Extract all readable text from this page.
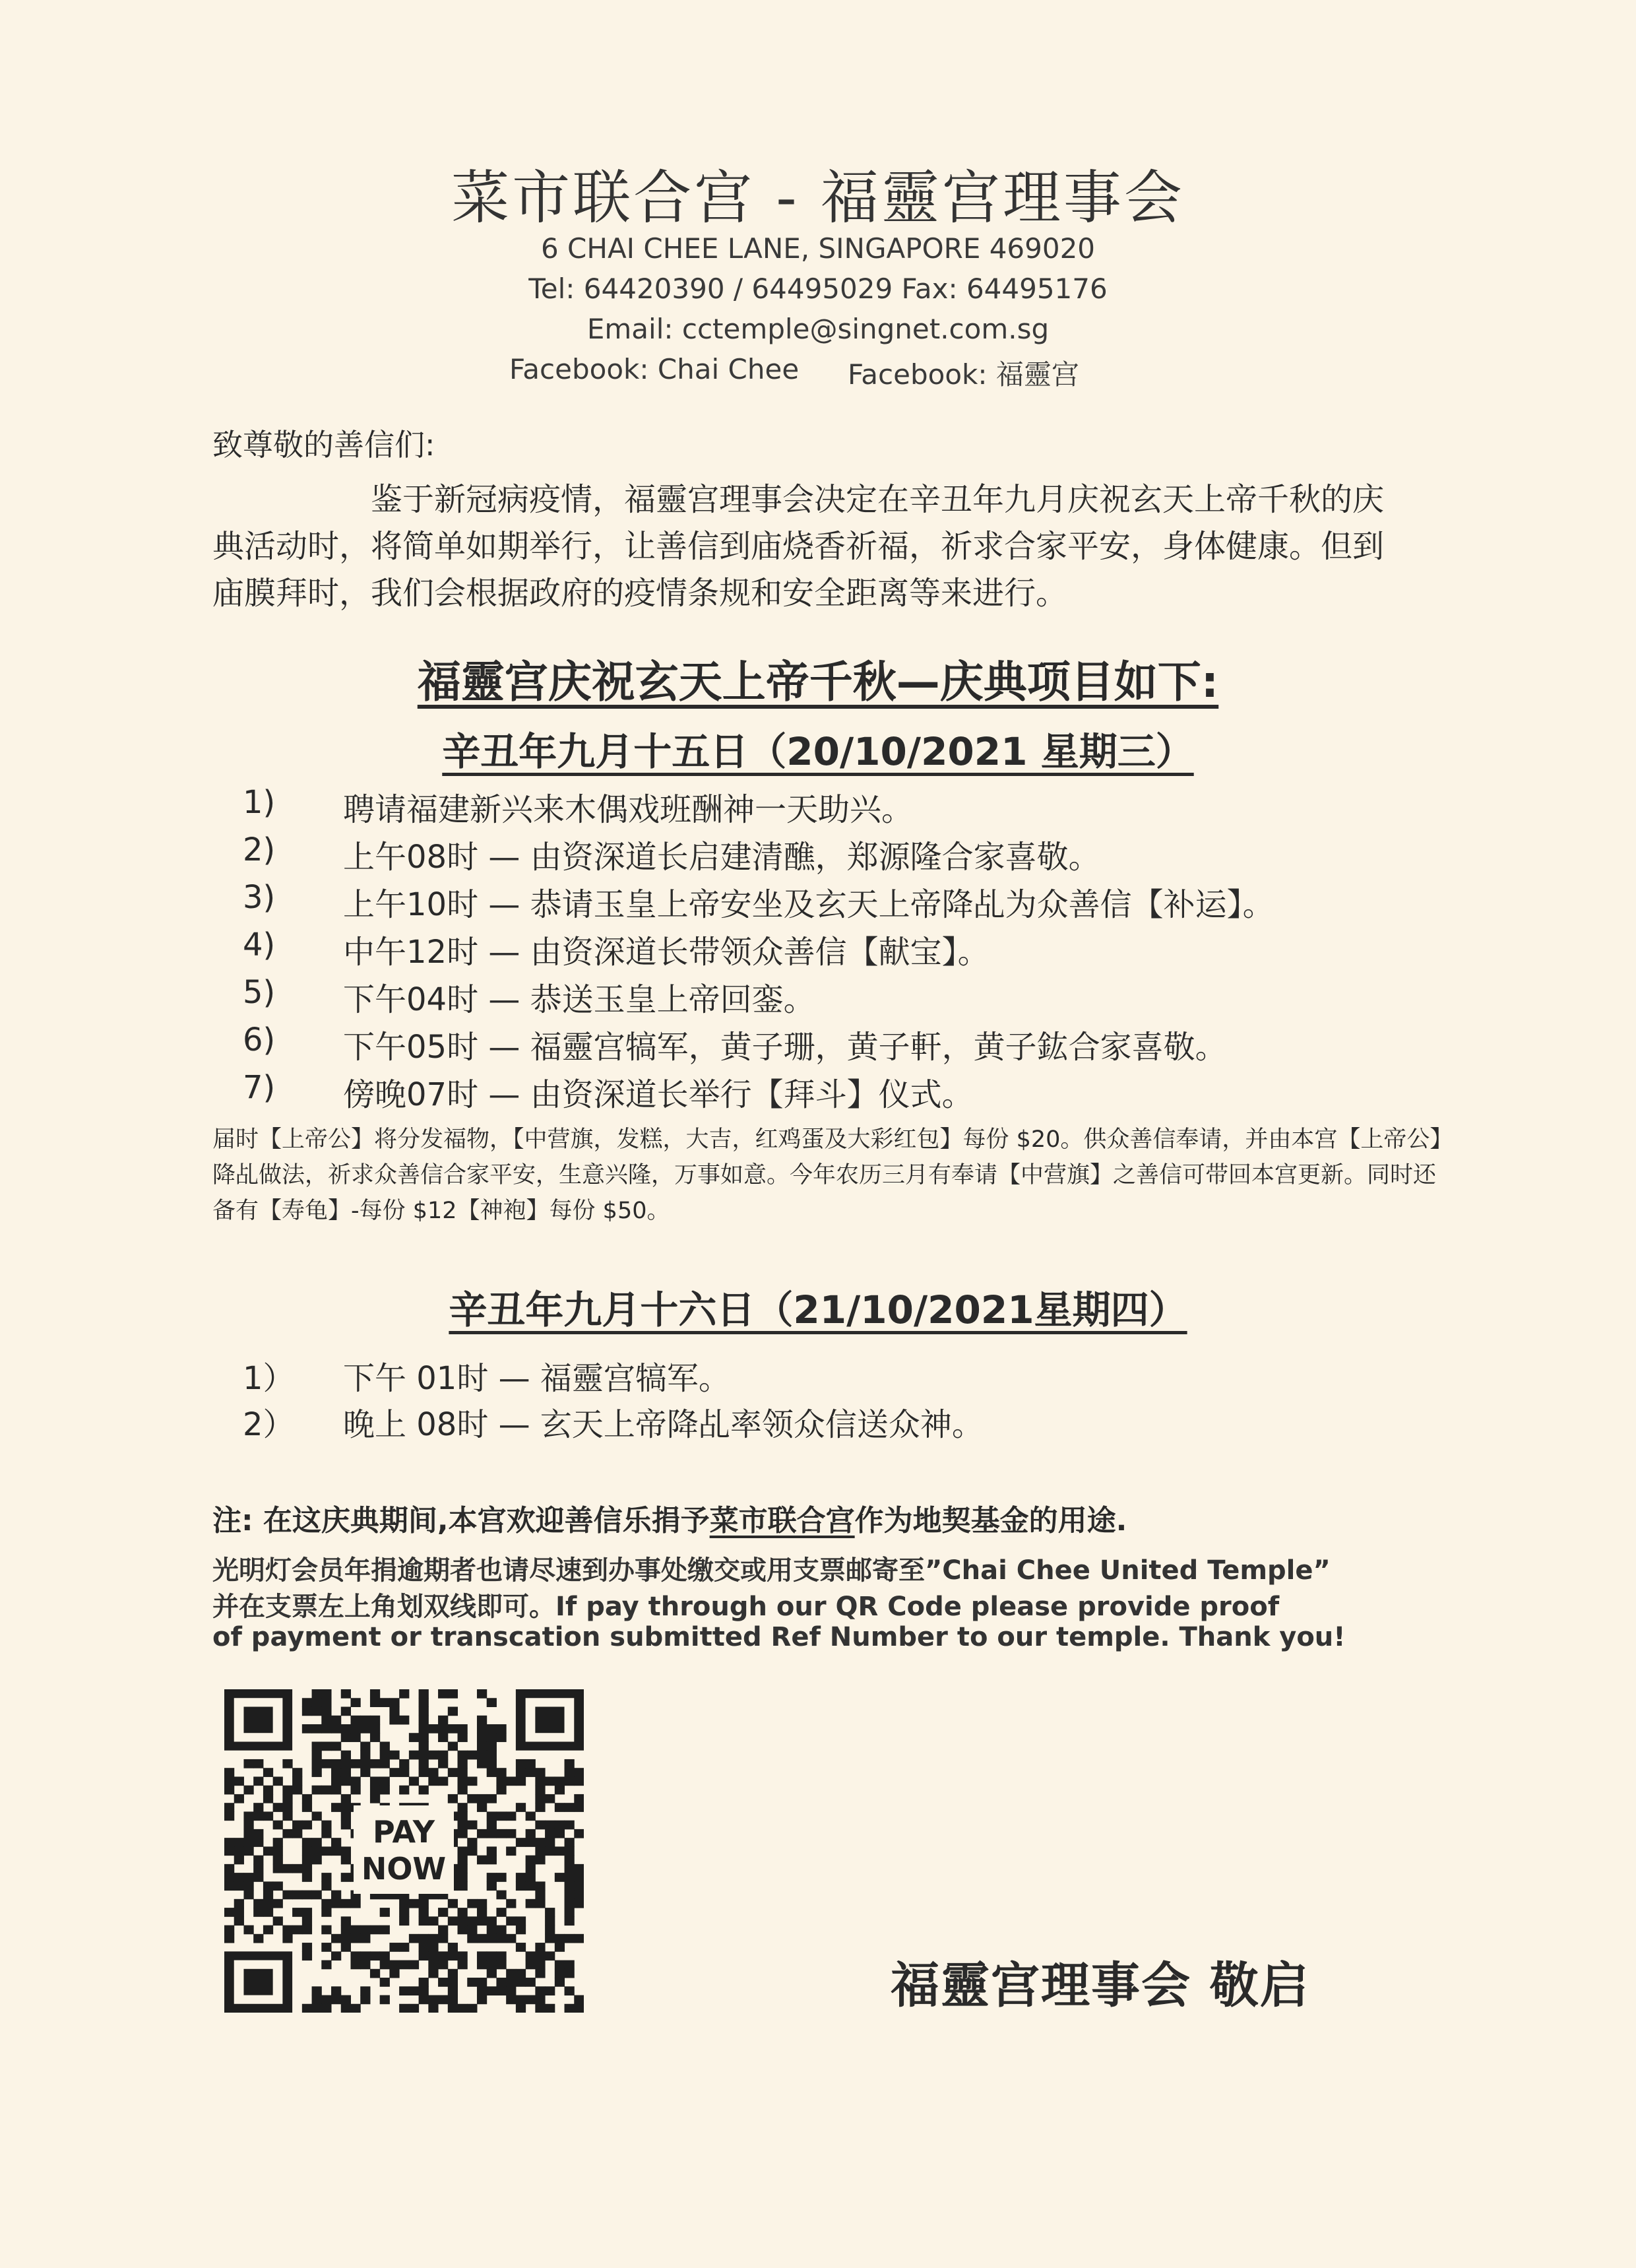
菜市联合宫 - 福靈宫理事会
6 CHAI CHEE LANE, SINGAPORE 469020
Tel: 64420390 / 64495029 Fax: 64495176
Email: cctemple@singnet.com.sg
Facebook: Chai Chee Facebook: 福靈宫
致尊敬的善信们:
　　　　　鉴于新冠病疫情，福靈宫理事会决定在辛丑年九月庆祝玄天上帝千秋的庆典活动时，将简单如期举行，让善信到庙烧香祈福，祈求合家平安，身体健康。但到庙膜拜时，我们会根据政府的疫情条规和安全距离等来进行。
福靈宫庆祝玄天上帝千秋—庆典项目如下:
辛丑年九月十五日（20/10/2021 星期三）
1) 聘请福建新兴来木偶戏班酬神一天助兴。
2) 上午08时 — 由资深道长启建清醮，郑源隆合家喜敬。
3) 上午10时 — 恭请玉皇上帝安坐及玄天上帝降乩为众善信【补运】。
4) 中午12时 — 由资深道长带领众善信【献宝】。
5) 下午04时 — 恭送玉皇上帝回銮。
6) 下午05时 — 福靈宫犒军，黄子珊，黄子軒，黄子鈜合家喜敬。
7) 傍晚07时 — 由资深道长举行【拜斗】仪式。
届时【上帝公】将分发福物，【中营旗，发糕，大吉，红鸡蛋及大彩红包】每份 $20。供众善信奉请，并由本宫【上帝公】降乩做法，祈求众善信合家平安，生意兴隆，万事如意。今年农历三月有奉请【中营旗】之善信可带回本宫更新。同时还备有【寿龟】-每份 $12【神袍】每份 $50。
辛丑年九月十六日（21/10/2021星期四）
1） 下午 01时 — 福靈宫犒军。
2） 晚上 08时 — 玄天上帝降乩率领众信送众神。
注: 在这庆典期间,本宫欢迎善信乐捐予菜市联合宫作为地契基金的用途.
光明灯会员年捐逾期者也请尽速到办事处缴交或用支票邮寄至”Chai Chee United Temple”
并在支票左上角划双线即可。If pay through our QR Code please provide proof
of payment or transcation submitted Ref Number to our temple. Thank you!
PAY
NOW
福靈宫理事会 敬启
